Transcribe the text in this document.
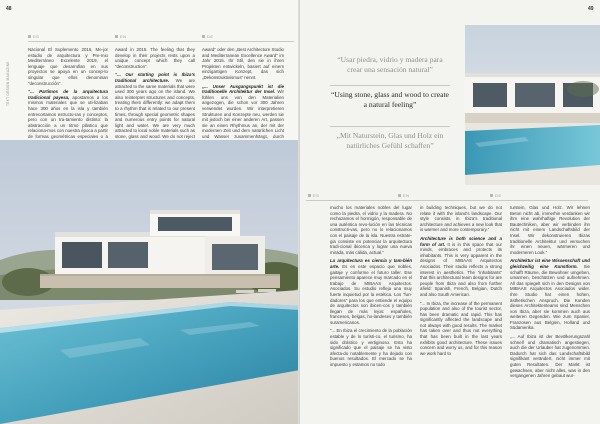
48
TEXT DESIGN MAGAZINE
ES	EN	DE

Nacional El Suplemento 2016, Me-jor estudio de arquitectura y Pre-mio Mediterráneo Excelente 2019, el lenguaje que desarrollan en sus proyectos se apoya en un concep-to singular que ellos denominan “deconstrucción”.

“... Partimos de la arquitectura tradicional payesa, apostamos a los mismos materiales que se uti-lizaban hace 300 años en la isla y también entrecortamos estructu-ras y conceptos, pero con un tra-tamiento distinto: la abstracción a un ritmo plástico que relaciona-mos con nuestra época a partir de formas geométricas especiales o a

Award in 2015. The feeling that they develop in their projects rests upon a unique concept which they call “deconstruction”.

“... Our starting point is Ibiza’s traditional architecture. We are attracted to the same materials that were used 300 years ago on the island. We also reinterpret structures and concepts, treating them differently: we adapt them to a rhythm that is related to our present times, through special geometric shapes and numerous entry points for natural light and water. We are very much attracted to local noble materials such as stone, glass and wood. We do not reject

Award” oder den „Best Architecture Studio and Mediterranean Excellence Award” im Jahr 2015. Ihr Stil, den sie in ihren Projekten entwickeln, basiert auf einem einzigartigen Konzept, das sich „Dekonstruktivismus” nennt.

„... Unser Ausgangspunkt ist die traditionelle Architektur der Insel. Wir fühlen uns von den Materialien angezogen, die schon vor 300 Jahren verwendet wurden. Wir interpretieren Strukturen und Konzepte neu, werden sie mit jedoch bei einer anderen Art, passen sie an einen Rhythmus an, der mit der modernen Zeit und dem natürlichen Licht und Wasser zusammenhängt, durch

49
“Usar piedra, vidrio y madera para crear una sensación natural”
“Using stone, glass and wood to create a natural feeling”
„Mit Naturstein, Glas und Holz ein natürliches Gefühl schaffen”
ES	EN	DE

mucho los materiales nobles del lugar como la piedra, el vidrio y la madera. No rechazamos el hormigón, responsable de una auténtica revo-lución en las técnicas constructi-vas, pero no lo relacionamos con el paisaje de la isla. Nuestra estrate-gia consiste en potenciar la arquitectura tradi-cional ibicenca y lograr una nueva mirada, más cálida, actual.”

La arquitectura es ciencia y tam-bién arte. Es en este espacio que nobles, gaitaje y conforme el futuro taller. Ese pensamiento aparece muy marcado en el trabajo de MIBAAS Arquitectos. Asociados. Su estudio refleja una muy fuerte inquietud por la estética. Los “fun-dadores” para los que entiende el equipo de arquitectos son ibicen-cos y también llegan de más lejos: españoles, franceses, belgas, ho-landeses y también suramericanos.

“... En Ibiza el crecimiento de la población estable y de lo turísti-co, el turismo, ha sido drástico y vertiginoso. Esto ha significado que el paisaje se ha visto afecta-do notablemente y ha dejado con buenos resultados. El mercado se ha impuesto y estamos no todo

in building techniques, but we do not relate it with the island’s landscape. Our style consists in Ibiza’s traditional architecture and achieves a new look that is warmer and more contemporary.”

Architecture is both science and a form of art. It is in this space that our minds, embraces and protects its inhabitants. This is very apparent in the designs of MIBAAS Arquitectos Asociados. Their studio reflects a strong interest in aesthetics. The “inhabitants” that this architectural team designs for are people from Ibiza and also from further afield: Spanish, French, Belgian, Dutch and also South American.

“... In Ibiza, the increase of the permanent population and also of the tourist sector, has been dramatic and rapid. This has significantly affected the landscape and not always with good results. The market has taken over and thus not everything that has been built in the last years exhibits good architecture. These issues concern and worry us, and for this reason we work hard to

turstein, Glas und Holz. Wir lehnen Beton nicht ab, immerhin verdanken wir ihm eine wahrhaftige Revolution der Bautechniken, aber wir verbinden ihn nicht mit einem Landschaftsbild der Insel. Wir dekonstruieren Ibizas traditionelle Architektur und versuchen ihr einen neuen, wärmeren und moderneren Look.”

Architektur ist eine Wissenschaft und gleichzeitig eine Kunstform. Sie schafft Räume, die Bewohner umgeben, umarmen, beschützen und aufnehmen. All das spiegelt sich in den Designs von MIBAAS Arquitectos Asociados wider. Ihre Studio hat einen hohen, ästhetischen Anspruch. Die Kunden dieses Architektenteams sind Menschen von Ibiza, aber sie kommen auch aus weiteren Gegenden. Wie zum Spanier, Franzosen aus Belgien, Holland und Südamerika.

„... Auf Ibiza ist der Bevölkerungszahl schnell und dramatisch angestiegen, auch die der Urlauber hat zugenommen. Dadurch hat sich das Landschaftsbild signifikant verändert, nicht immer mit guten Resultaten. Der Markt ist gewachsen, aber nicht alles, was in den vergangenen Jahren gebaut wur-
